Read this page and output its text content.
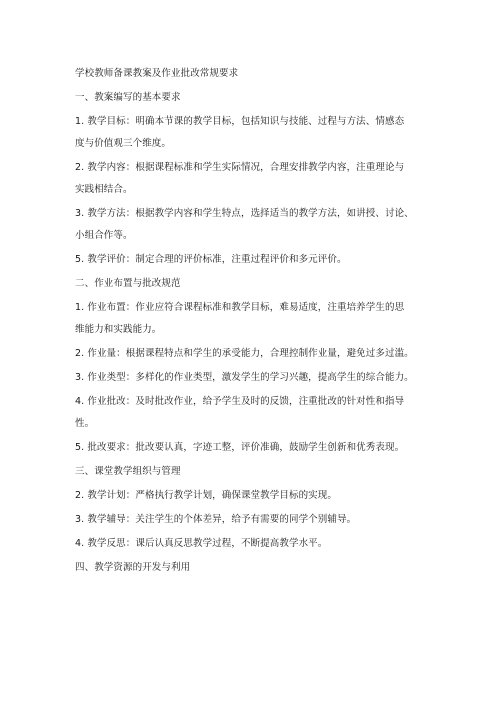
学校教师备课教案及作业批改常规要求
一、教案编写的基本要求
1. 教学目标：明确本节课的教学目标，包括知识与技能、过程与方法、情感态
度与价值观三个维度。
2. 教学内容：根据课程标准和学生实际情况，合理安排教学内容，注重理论与
实践相结合。
3. 教学方法：根据教学内容和学生特点，选择适当的教学方法，如讲授、讨论、
小组合作等。
5. 教学评价：制定合理的评价标准，注重过程评价和多元评价。
二、作业布置与批改规范
1. 作业布置：作业应符合课程标准和教学目标，难易适度，注重培养学生的思
维能力和实践能力。
2. 作业量：根据课程特点和学生的承受能力，合理控制作业量，避免过多过滥。
3. 作业类型：多样化的作业类型，激发学生的学习兴趣，提高学生的综合能力。
4. 作业批改：及时批改作业，给予学生及时的反馈，注重批改的针对性和指导
性。
5. 批改要求：批改要认真，字迹工整，评价准确，鼓励学生创新和优秀表现。
三、课堂教学组织与管理
2. 教学计划：严格执行教学计划，确保课堂教学目标的实现。
3. 教学辅导：关注学生的个体差异，给予有需要的同学个别辅导。
4. 教学反思：课后认真反思教学过程，不断提高教学水平。
四、教学资源的开发与利用
